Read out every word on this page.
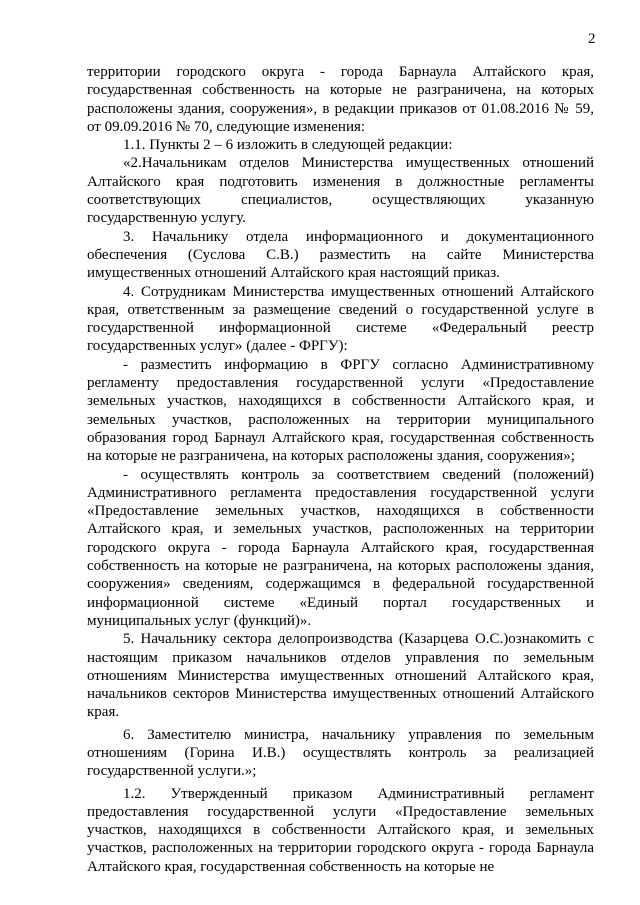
2

территории городского округа - города Барнаула Алтайского края, государственная собственность на которые не разграничена, на которых расположены здания, сооружения», в редакции приказов от 01.08.2016 № 59, от 09.09.2016 № 70, следующие изменения:

1.1. Пункты 2 – 6 изложить в следующей редакции:

«2.Начальникам отделов Министерства имущественных отношений Алтайского края подготовить изменения в должностные регламенты соответствующих специалистов, осуществляющих указанную государственную услугу.

3. Начальнику отдела информационного и документационного обеспечения (Суслова С.В.) разместить на сайте Министерства имущественных отношений Алтайского края настоящий приказ.

4. Сотрудникам Министерства имущественных отношений Алтайского края, ответственным за размещение сведений о государственной услуге в государственной информационной системе «Федеральный реестр государственных услуг» (далее - ФРГУ):

- разместить информацию в ФРГУ согласно Административному регламенту предоставления государственной услуги «Предоставление земельных участков, находящихся в собственности Алтайского края, и земельных участков, расположенных на территории муниципального образования город Барнаул Алтайского края, государственная собственность на которые не разграничена, на которых расположены здания, сооружения»;

- осуществлять контроль за соответствием сведений (положений) Административного регламента предоставления государственной услуги «Предоставление земельных участков, находящихся в собственности Алтайского края, и земельных участков, расположенных на территории городского округа - города Барнаула Алтайского края, государственная собственность на которые не разграничена, на которых расположены здания, сооружения» сведениям, содержащимся в федеральной государственной информационной системе «Единый портал государственных и муниципальных услуг (функций)».

5. Начальнику сектора делопроизводства (Казарцева О.С.)ознакомить с настоящим приказом начальников отделов управления по земельным отношениям Министерства имущественных отношений Алтайского края, начальников секторов Министерства имущественных отношений Алтайского края.

6. Заместителю министра, начальнику управления по земельным отношениям (Горина И.В.) осуществлять контроль за реализацией государственной услуги.»;

1.2. Утвержденный приказом Административный регламент предоставления государственной услуги «Предоставление земельных участков, находящихся в собственности Алтайского края, и земельных участков, расположенных на территории городского округа - города Барнаула Алтайского края, государственная собственность на которые не
